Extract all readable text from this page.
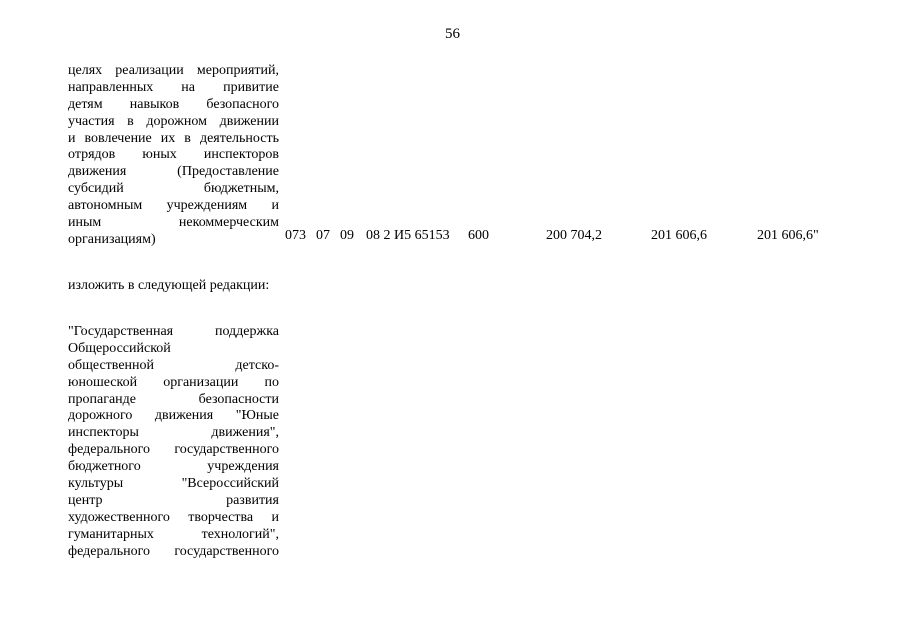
56
целях реализации мероприятий,
направленных на привитие
детям навыков безопасного
участия в дорожном движении
и вовлечение их в деятельность
отрядов юных инспекторов
движения (Предоставление
субсидий бюджетным,
автономным учреждениям и
иным некоммерческим
организациям)	073 07 09 08 2 И5 65153 600	200 704,2	201 606,6	201 606,6"
изложить в следующей редакции:
"Государственная поддержка
Общероссийской
общественной детско-
юношеской организации по
пропаганде безопасности
дорожного движения "Юные
инспекторы движения",
федерального государственного
бюджетного учреждения
культуры "Всероссийский
центр развития
художественного творчества и
гуманитарных технологий",
федерального государственного
